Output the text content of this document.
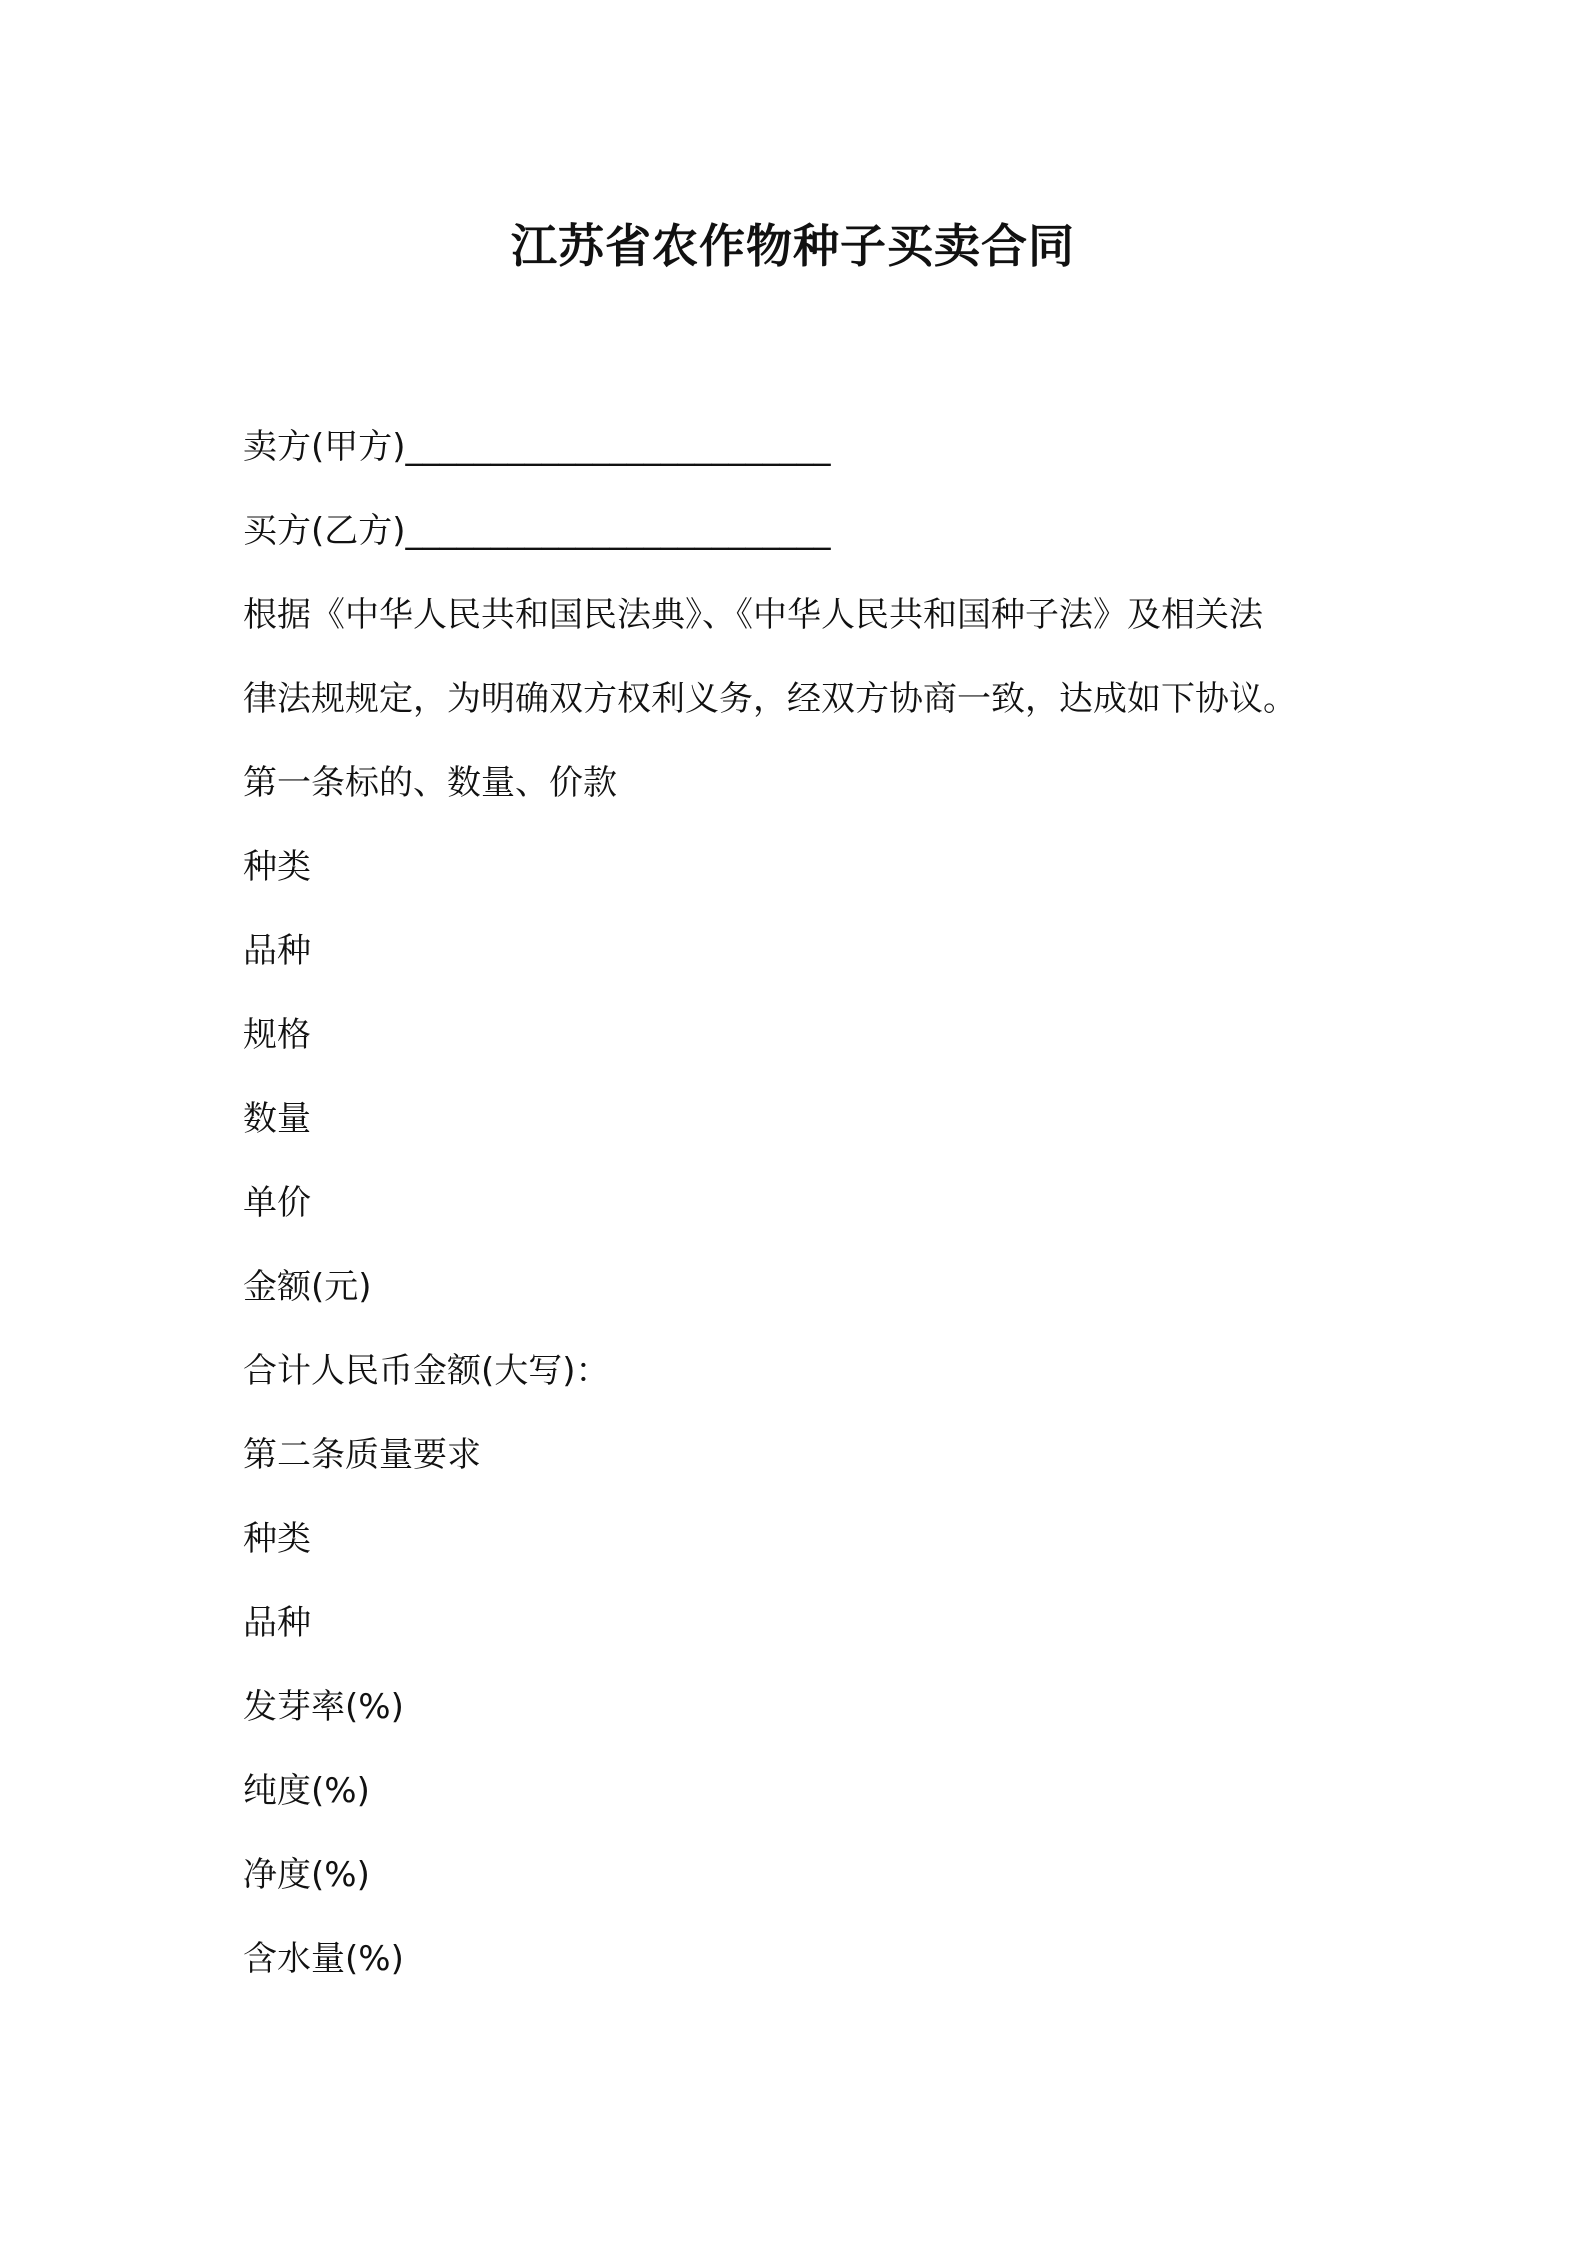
江苏省农作物种子买卖合同
卖方(甲方)_________________________
买方(乙方)_________________________
根据《中华人民共和国民法典》、《中华人民共和国种子法》及相关法
律法规规定，为明确双方权利义务，经双方协商一致，达成如下协议。
第一条标的、数量、价款
种类
品种
规格
数量
单价
金额(元)
合计人民币金额(大写)：
第二条质量要求
种类
品种
发芽率(%)
纯度(%)
净度(%)
含水量(%)
